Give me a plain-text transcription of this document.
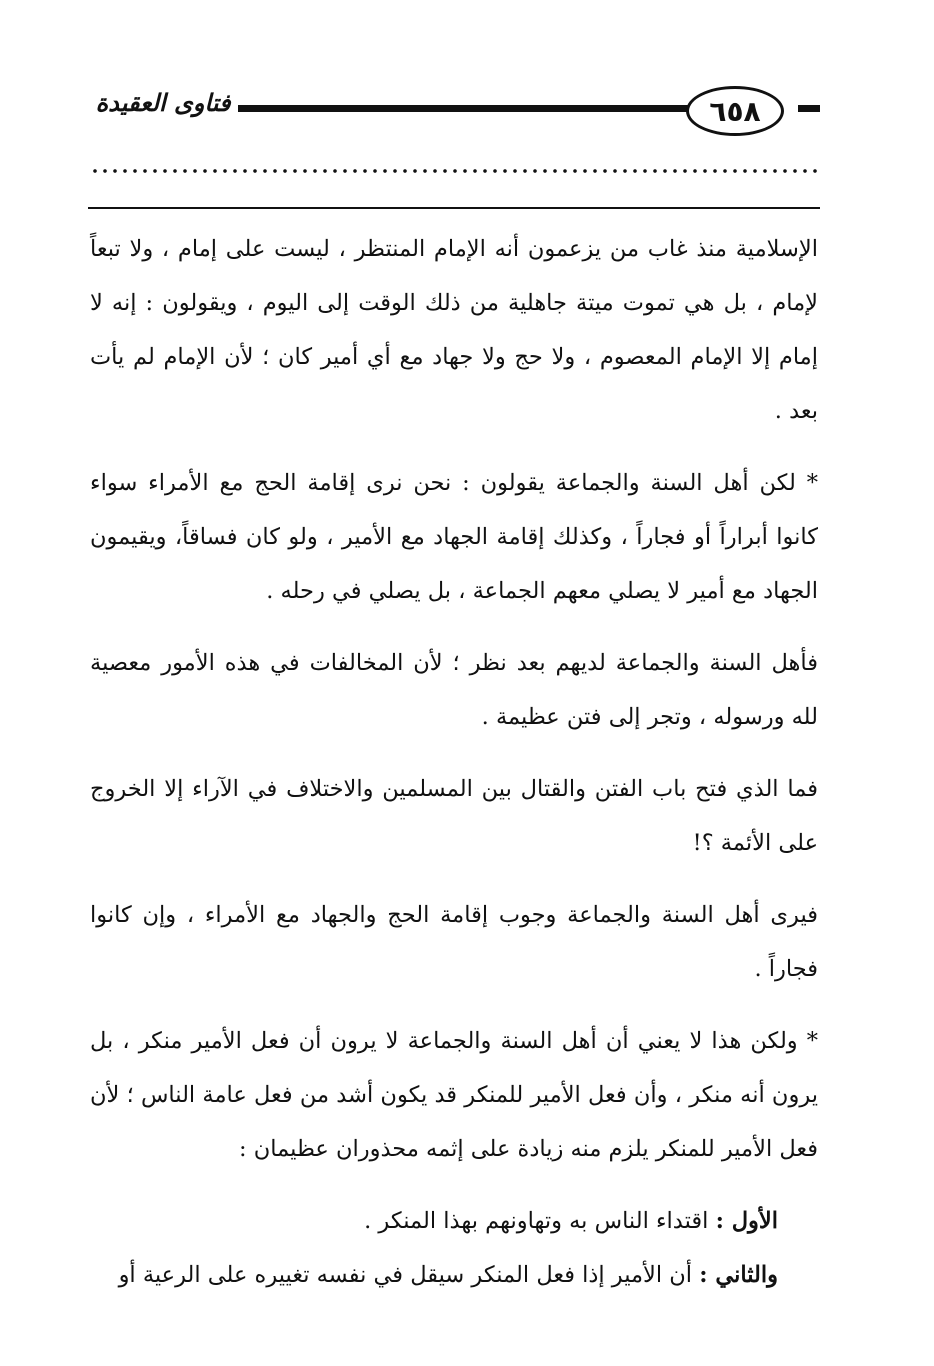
٦٥٨
فتاوى العقيدة

الإسلامية منذ غاب من يزعمون أنه الإمام المنتظر ، ليست على إمام ، ولا تبعاً لإمام ، بل هي تموت ميتة جاهلية من ذلك الوقت إلى اليوم ، ويقولون : إنه لا إمام إلا الإمام المعصوم ، ولا حج ولا جهاد مع أي أمير كان ؛ لأن الإمام لم يأت بعد .

* لكن أهل السنة والجماعة يقولون : نحن نرى إقامة الحج مع الأمراء سواء كانوا أبراراً أو فجاراً ، وكذلك إقامة الجهاد مع الأمير ، ولو كان فساقاً، ويقيمون الجهاد مع أمير لا يصلي معهم الجماعة ، بل يصلي في رحله .

فأهل السنة والجماعة لديهم بعد نظر ؛ لأن المخالفات في هذه الأمور معصية لله ورسوله ، وتجر إلى فتن عظيمة .

فما الذي فتح باب الفتن والقتال بين المسلمين والاختلاف في الآراء إلا الخروج على الأئمة ؟!

فيرى أهل السنة والجماعة وجوب إقامة الحج والجهاد مع الأمراء ، وإن كانوا فجاراً .

* ولكن هذا لا يعني أن أهل السنة والجماعة لا يرون أن فعل الأمير منكر ، بل يرون أنه منكر ، وأن فعل الأمير للمنكر قد يكون أشد من فعل عامة الناس ؛ لأن فعل الأمير للمنكر يلزم منه زيادة على إثمه محذوران عظيمان :

الأول : اقتداء الناس به وتهاونهم بهذا المنكر .

والثاني : أن الأمير إذا فعل المنكر سيقل في نفسه تغييره على الرعية أو
